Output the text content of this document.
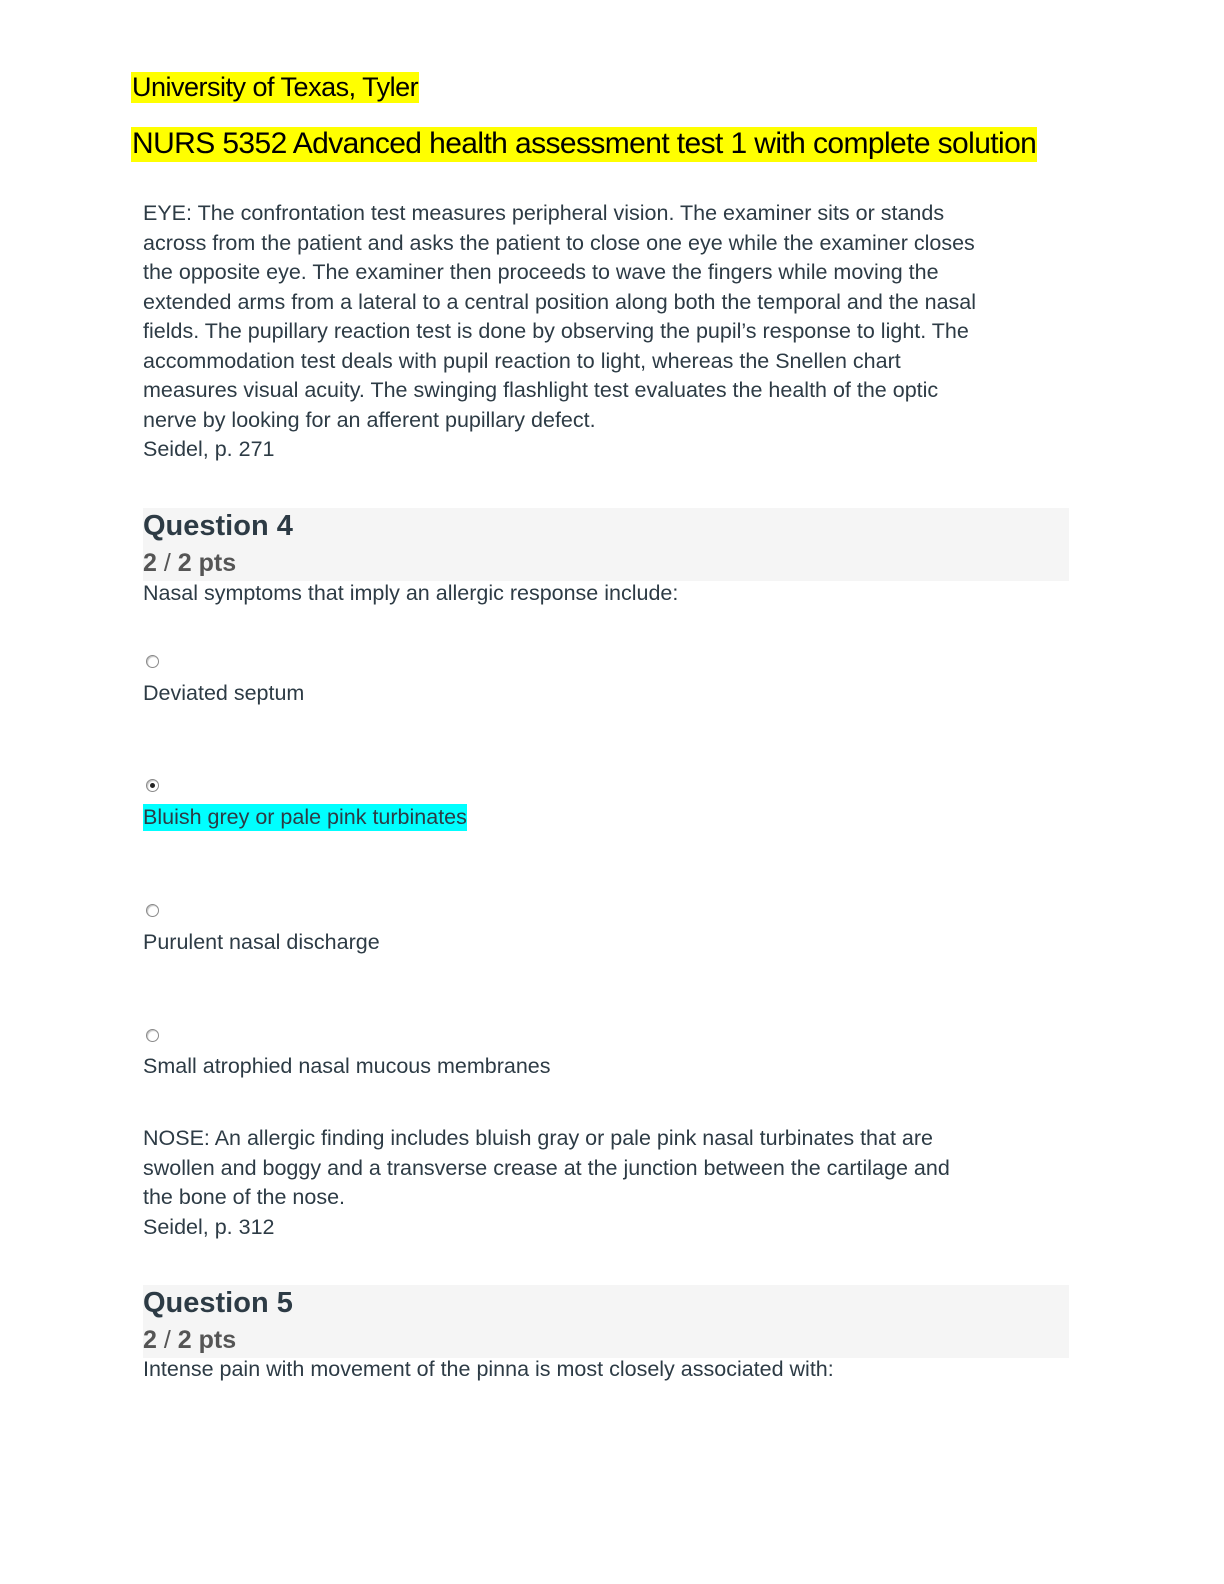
University of Texas, Tyler
NURS 5352 Advanced health assessment test 1 with complete solution

EYE: The confrontation test measures peripheral vision. The examiner sits or stands

across from the patient and asks the patient to close one eye while the examiner closes

the opposite eye. The examiner then proceeds to wave the fingers while moving the

extended arms from a lateral to a central position along both the temporal and the nasal

fields. The pupillary reaction test is done by observing the pupil’s response to light. The

accommodation test deals with pupil reaction to light, whereas the Snellen chart

measures visual acuity. The swinging flashlight test evaluates the health of the optic

nerve by looking for an afferent pupillary defect.

Seidel, p. 271

Question 4
2 / 2 pts
Nasal symptoms that imply an allergic response include:
Deviated septum
Bluish grey or pale pink turbinates
Purulent nasal discharge
Small atrophied nasal mucous membranes

NOSE: An allergic finding includes bluish gray or pale pink nasal turbinates that are

swollen and boggy and a transverse crease at the junction between the cartilage and

the bone of the nose.

Seidel, p. 312

Question 5
2 / 2 pts
Intense pain with movement of the pinna is most closely associated with:
